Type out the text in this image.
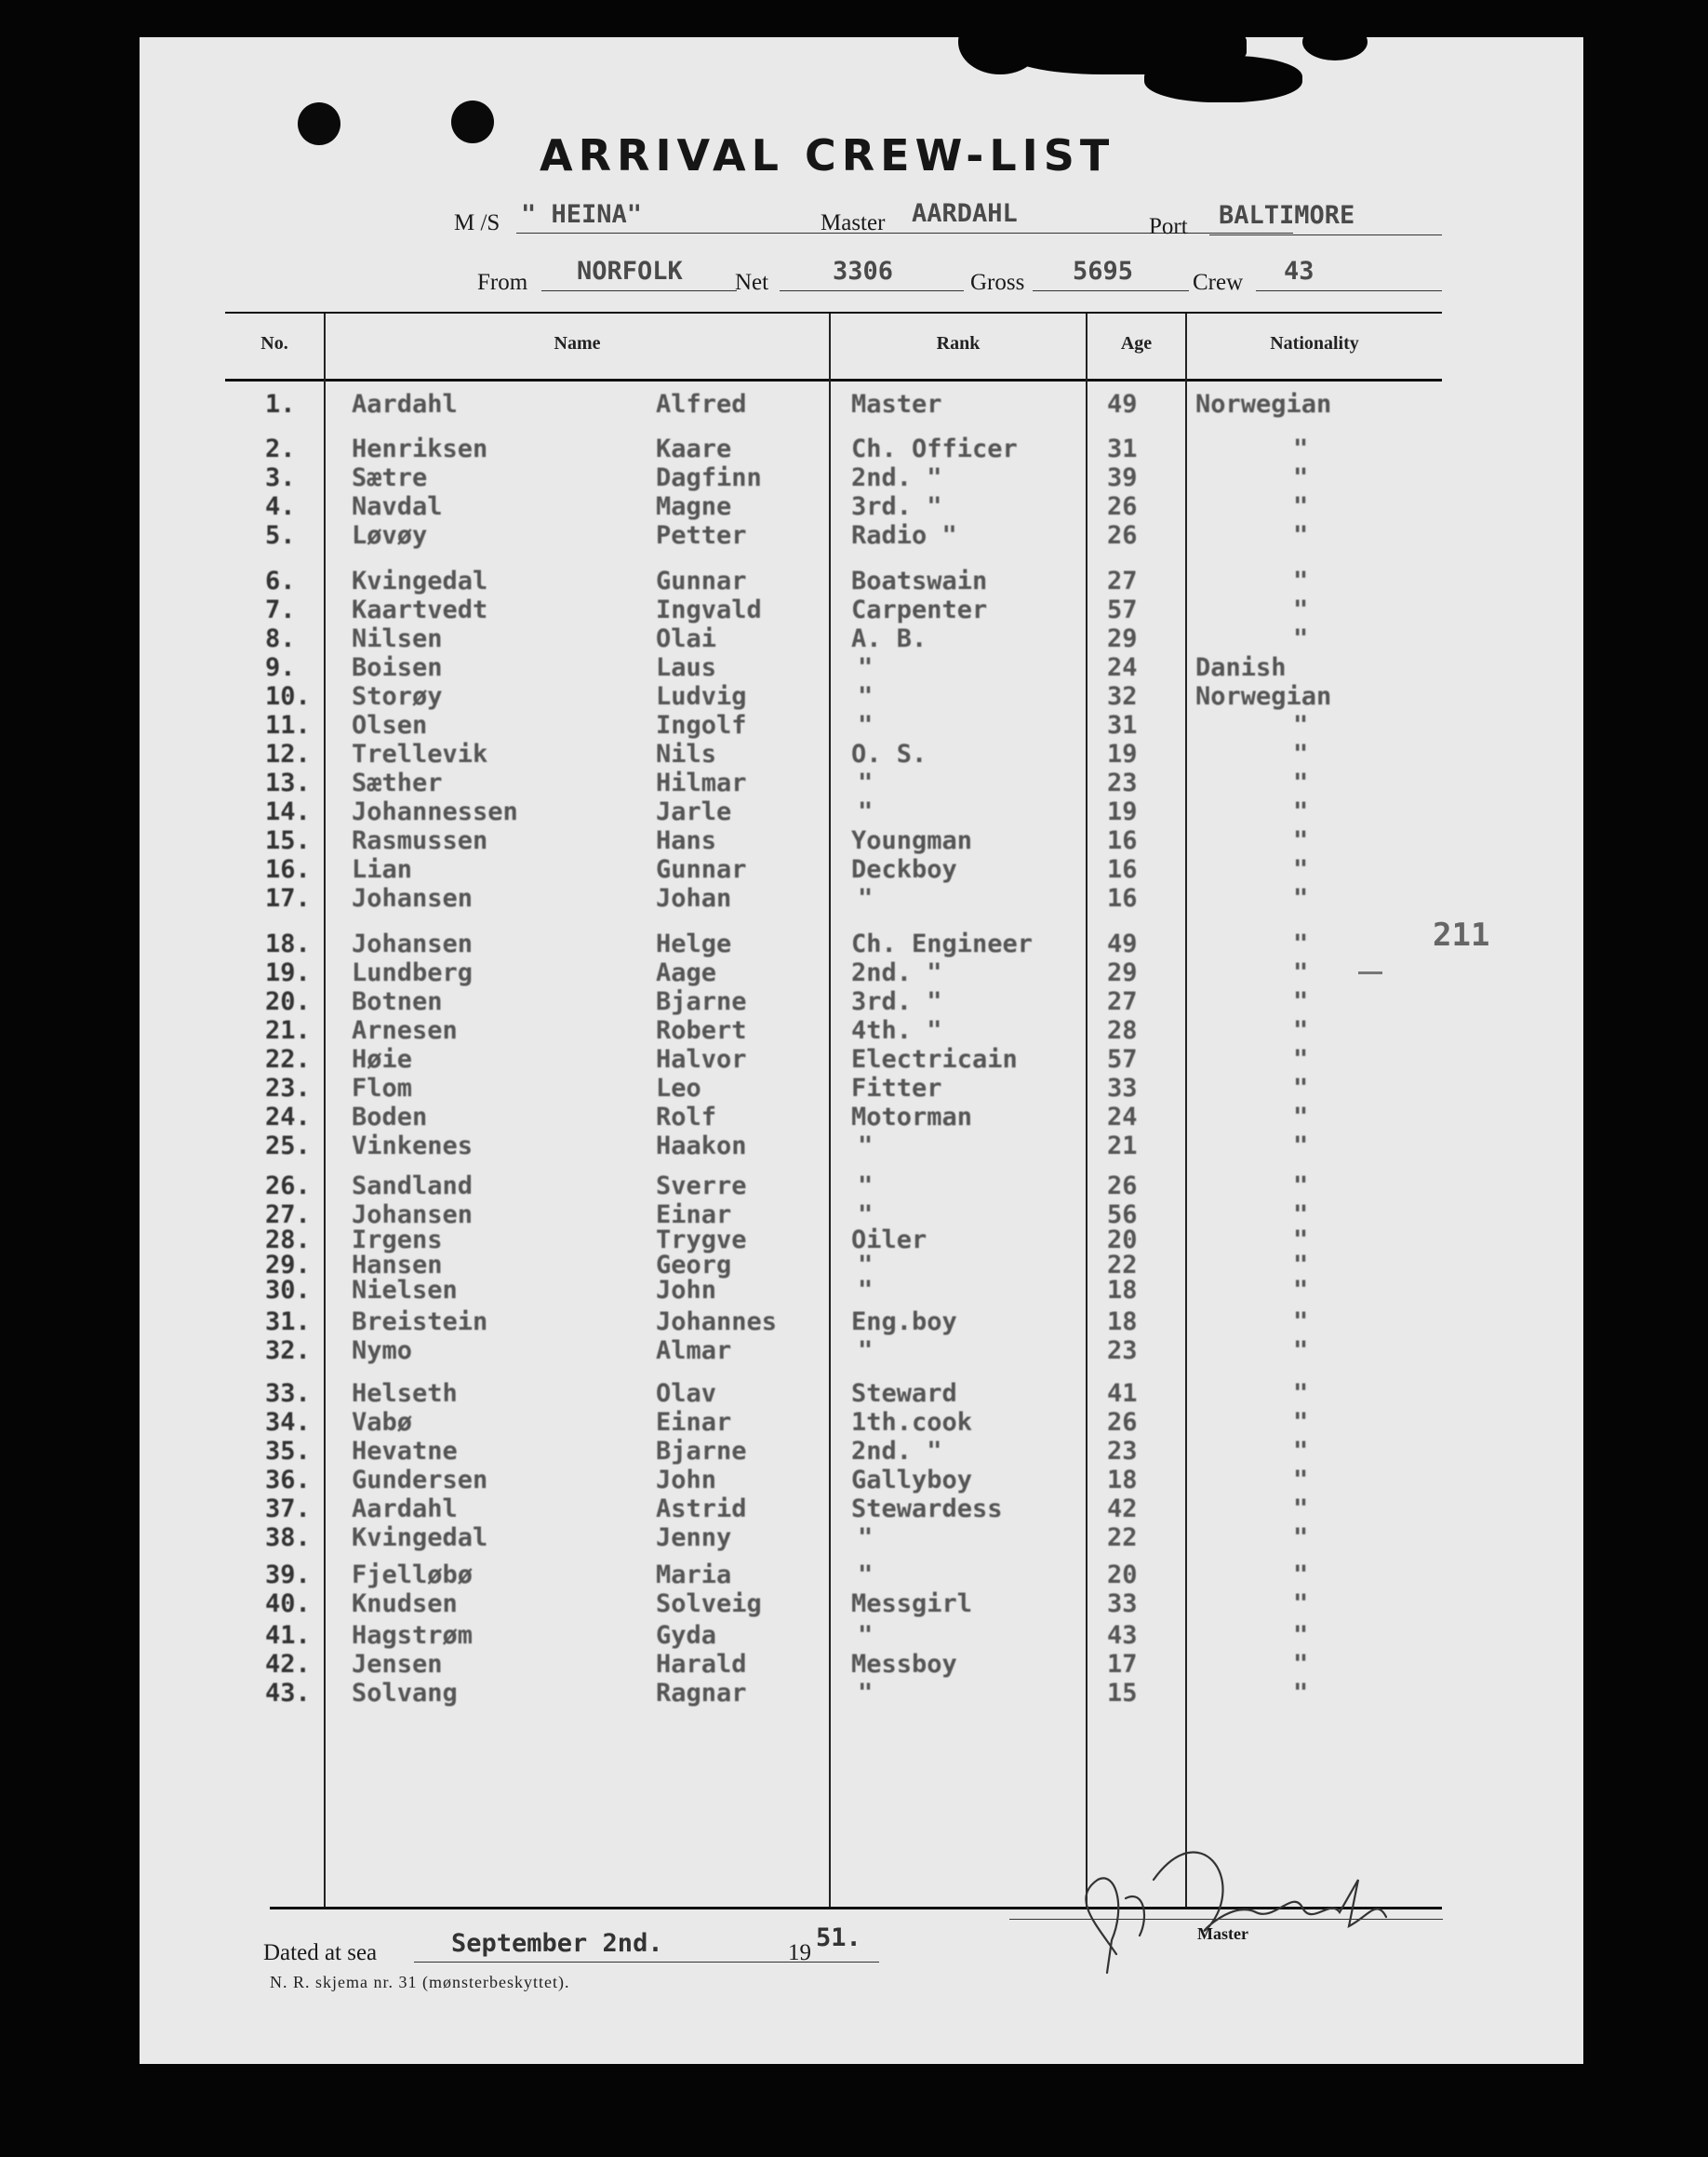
ARRIVAL CREW-LIST
M /S " HEINA"	Master AARDAHL	Port BALTIMORE
From NORFOLK Net	3306	Gross 5695	Crew 43
No.	Name	Rank	Age	Nationality
1. Aardahl	Alfred	Master	49 Norwegian
2. Henriksen	Kaare	Ch. Officer	31	"
3. Sætre	Dagfinn	2nd. "	39	"
4. Navdal	Magne	3rd. "	26	"
5. Løvøy	Petter	Radio "	26	"
6. Kvingedal	Gunnar	Boatswain	27	"
7. Kaartvedt	Ingvald	Carpenter	57	"
8. Nilsen	Olai	A. B.	29	"
9. Boisen	Laus	"	24 Danish
10. Storøy	Ludvig	"	32 Norwegian
11. Olsen	Ingolf	"	31	"
12. Trellevik	Nils	O. S.	19	"
13. Sæther	Hilmar	"	23	"
14. Johannessen	Jarle	"	19	"
15. Rasmussen	Hans	Youngman	16	"
16. Lian	Gunnar	Deckboy	16	"
17. Johansen	Johan	"	16	"
18. Johansen	Helge	Ch. Engineer	49	"
19. Lundberg	Aage	2nd. "	29	"
20. Botnen	Bjarne	3rd. "	27	"
21. Arnesen	Robert	4th. "	28	"
22. Høie	Halvor	Electricain	57	"
23. Flom	Leo	Fitter	33	"
24. Boden	Rolf	Motorman	24	"
25. Vinkenes	Haakon	"	21	"
26. Sandland	Sverre	"	26	"
27. Johansen	Einar	"	56	"
28. Irgens	Trygve	Oiler	20	"
29. Hansen	Georg	"	22	"
30. Nielsen	John	"	18	"
31. Breistein	Johannes	Eng.boy	18	"
32. Nymo	Almar	"	23	"
33. Helseth	Olav	Steward	41	"
34. Vabø	Einar	1th.cook	26	"
35. Hevatne	Bjarne	2nd. "	23	"
36. Gundersen	John	Gallyboy	18	"
37. Aardahl	Astrid	Stewardess	42	"
38. Kvingedal	Jenny	"	22	"
39. Fjelløbø	Maria	"	20	"
40. Knudsen	Solveig	Messgirl	33	"
41. Hagstrøm	Gyda	"	43	"
42. Jensen	Harald	Messboy	17	"
43. Solvang	Ragnar	"	15	"
211
Dated at sea	September 2nd.	19
51.	Master
N. R. skjema nr. 31 (mønsterbeskyttet).
